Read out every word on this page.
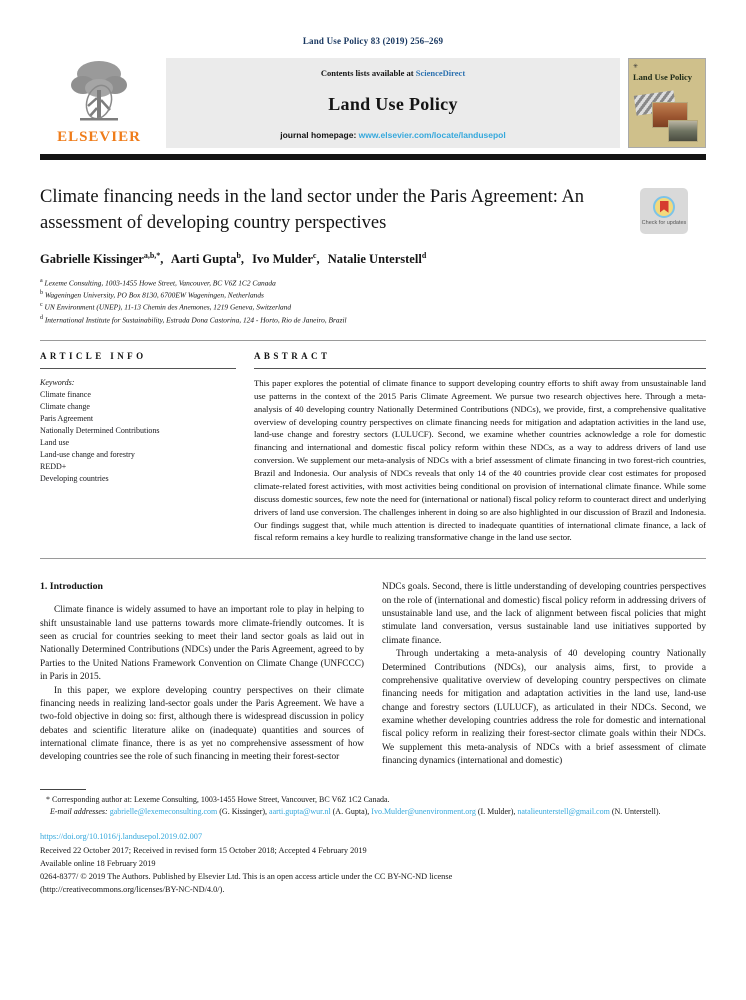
Land Use Policy 83 (2019) 256–269
ELSEVIER
Contents lists available at ScienceDirect
Land Use Policy
journal homepage: www.elsevier.com/locate/landusepol
✳
Land Use Policy
Climate financing needs in the land sector under the Paris Agreement: An assessment of developing country perspectives	Check for updates
Gabrielle Kissinger$^{a,b,*}$, Aarti Gupta$^b$, Ivo Mulder$^c$, Natalie Unterstell$^d$
$^a$ Lexeme Consulting, 1003-1455 Howe Street, Vancouver, BC V6Z 1C2 Canada
$^b$ Wageningen University, PO Box 8130, 6700EW Wageningen, Netherlands
$^c$ UN Environment (UNEP), 11-13 Chemin des Anemones, 1219 Geneva, Switzerland
$^d$ International Institute for Sustainability, Estrada Dona Castorina, 124 - Horto, Rio de Janeiro, Brazil
ARTICLE INFO
Keywords:
Climate finance
Climate change
Paris Agreement
Nationally Determined Contributions
Land use
Land-use change and forestry
REDD+
Developing countries
ABSTRACT
This paper explores the potential of climate finance to support developing country efforts to shift away from unsustainable land use patterns in the context of the 2015 Paris Climate Agreement. We pursue two research objectives here. Through a meta-analysis of 40 developing country Nationally Determined Contributions (NDCs), we provide, first, a comprehensive qualitative overview of developing country perspectives on climate financing needs for mitigation and adaptation activities in the land use, land-use change and forestry sectors (LULUCF). Second, we examine whether countries acknowledge a role for domestic financing and international and domestic fiscal policy reform within these NDCs, as a way to address drivers of land use conversion. We supplement our meta-analysis of NDCs with a brief assessment of climate financing in two forest-rich countries, Brazil and Indonesia. Our analysis of NDCs reveals that only 14 of the 40 countries provide clear cost estimates for proposed climate-related forest activities, with most activities being conditional on provision of international climate finance. While some discuss domestic sources, few note the need for (international or national) fiscal policy reform to counteract direct and underlying drivers of land use conversion. The challenges inherent in doing so are also highlighted in our discussion of Brazil and Indonesia. Our findings suggest that, while much attention is directed to inadequate quantities of international climate finance, a lack of fiscal reform remains a key hurdle to realizing transformative change in the land use sector.
1. Introduction

Climate finance is widely assumed to have an important role to play in helping to shift unsustainable land use patterns towards more climate-friendly outcomes. It is seen as crucial for countries seeking to meet their land sector goals as laid out in Nationally Determined Contributions (NDCs) under the Paris Agreement, agreed to by Parties to the United Nations Framework Convention on Climate Change (UNFCCC) in Paris in 2015.

In this paper, we explore developing country perspectives on their climate financing needs in realizing land-sector goals under the Paris Agreement. We have a two-fold objective in doing so: first, although there is widespread discussion in policy debates and scientific literature alike on (inadequate) quantities and sources of international climate finance, there is as yet no comprehensive assessment of how developing countries see the role of such financing in meeting their forest-sector

NDCs goals. Second, there is little understanding of developing countries perspectives on the role of (international and domestic) fiscal policy reform in addressing drivers of unsustainable land use, and the lack of alignment between fiscal policies that might stimulate land conversation, versus sustainable land use initiatives supported by climate finance.

Through undertaking a meta-analysis of 40 developing country Nationally Determined Contributions (NDCs), our analysis aims, first, to provide a comprehensive qualitative overview of developing country perspectives on climate financing needs for mitigation and adaptation activities in the land use, land-use change and forestry sectors (LULUCF), as articulated in their NDCs. Second, we examine whether developing countries address the role for domestic and international fiscal policy reform in realizing their forest-sector climate goals within their NDCs. We supplement this meta-analysis of NDCs with a brief assessment of climate financing dynamics (international and domestic)

* Corresponding author at: Lexeme Consulting, 1003-1455 Howe Street, Vancouver, BC V6Z 1C2 Canada.
E-mail addresses: gabrielle@lexemeconsulting.com (G. Kissinger), aarti.gupta@wur.nl (A. Gupta), Ivo.Mulder@unenvironment.org (I. Mulder), natalieunterstell@gmail.com (N. Unterstell).
https://doi.org/10.1016/j.landusepol.2019.02.007
Received 22 October 2017; Received in revised form 15 October 2018; Accepted 4 February 2019
Available online 18 February 2019
0264-8377/ © 2019 The Authors. Published by Elsevier Ltd. This is an open access article under the CC BY-NC-ND license
(http://creativecommons.org/licenses/BY-NC-ND/4.0/).
